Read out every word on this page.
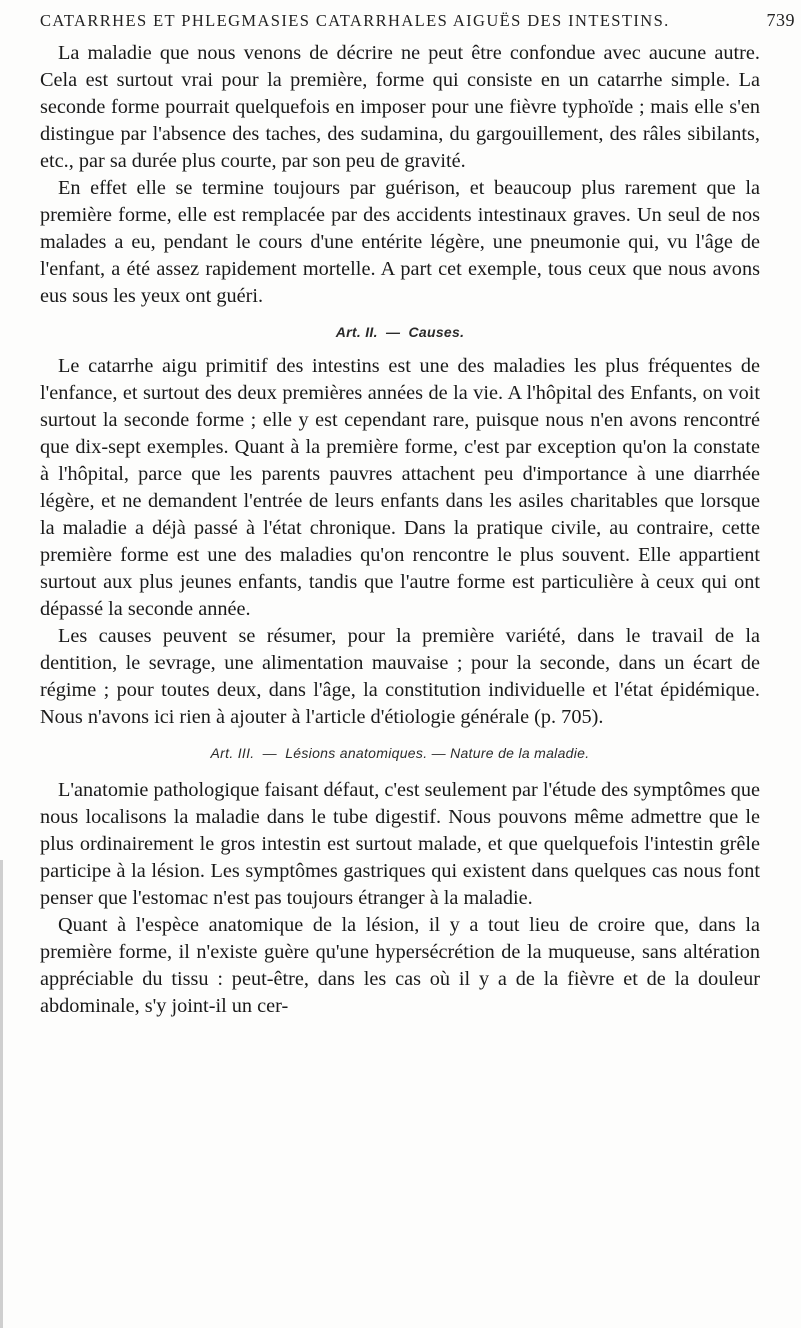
CATARRHES ET PHLEGMASIES CATARRHALES AIGUËS DES INTESTINS.	739

La maladie que nous venons de décrire ne peut être confondue avec aucune autre. Cela est surtout vrai pour la première, forme qui consiste en un catarrhe simple. La seconde forme pourrait quelquefois en imposer pour une fièvre typhoïde ; mais elle s'en distingue par l'absence des taches, des sudamina, du gargouillement, des râles sibilants, etc., par sa durée plus courte, par son peu de gravité.

En effet elle se termine toujours par guérison, et beaucoup plus rarement que la première forme, elle est remplacée par des accidents intestinaux graves. Un seul de nos malades a eu, pendant le cours d'une entérite légère, une pneumonie qui, vu l'âge de l'enfant, a été assez rapidement mortelle. A part cet exemple, tous ceux que nous avons eus sous les yeux ont guéri.

Art. II. — Causes.

Le catarrhe aigu primitif des intestins est une des maladies les plus fréquentes de l'enfance, et surtout des deux premières années de la vie. A l'hôpital des Enfants, on voit surtout la seconde forme ; elle y est cependant rare, puisque nous n'en avons rencontré que dix-sept exemples. Quant à la première forme, c'est par exception qu'on la constate à l'hôpital, parce que les parents pauvres attachent peu d'importance à une diarrhée légère, et ne demandent l'entrée de leurs enfants dans les asiles charitables que lorsque la maladie a déjà passé à l'état chronique. Dans la pratique civile, au contraire, cette première forme est une des maladies qu'on rencontre le plus souvent. Elle appartient surtout aux plus jeunes enfants, tandis que l'autre forme est particulière à ceux qui ont dépassé la seconde année.

Les causes peuvent se résumer, pour la première variété, dans le travail de la dentition, le sevrage, une alimentation mauvaise ; pour la seconde, dans un écart de régime ; pour toutes deux, dans l'âge, la constitution individuelle et l'état épidémique. Nous n'avons ici rien à ajouter à l'article d'étiologie générale (p. 705).

Art. III. — Lésions anatomiques. — Nature de la maladie.

L'anatomie pathologique faisant défaut, c'est seulement par l'étude des symptômes que nous localisons la maladie dans le tube digestif. Nous pouvons même admettre que le plus ordinairement le gros intestin est surtout malade, et que quelquefois l'intestin grêle participe à la lésion. Les symptômes gastriques qui existent dans quelques cas nous font penser que l'estomac n'est pas toujours étranger à la maladie.

Quant à l'espèce anatomique de la lésion, il y a tout lieu de croire que, dans la première forme, il n'existe guère qu'une hypersécrétion de la muqueuse, sans altération appréciable du tissu : peut-être, dans les cas où il y a de la fièvre et de la douleur abdominale, s'y joint-il un cer-
